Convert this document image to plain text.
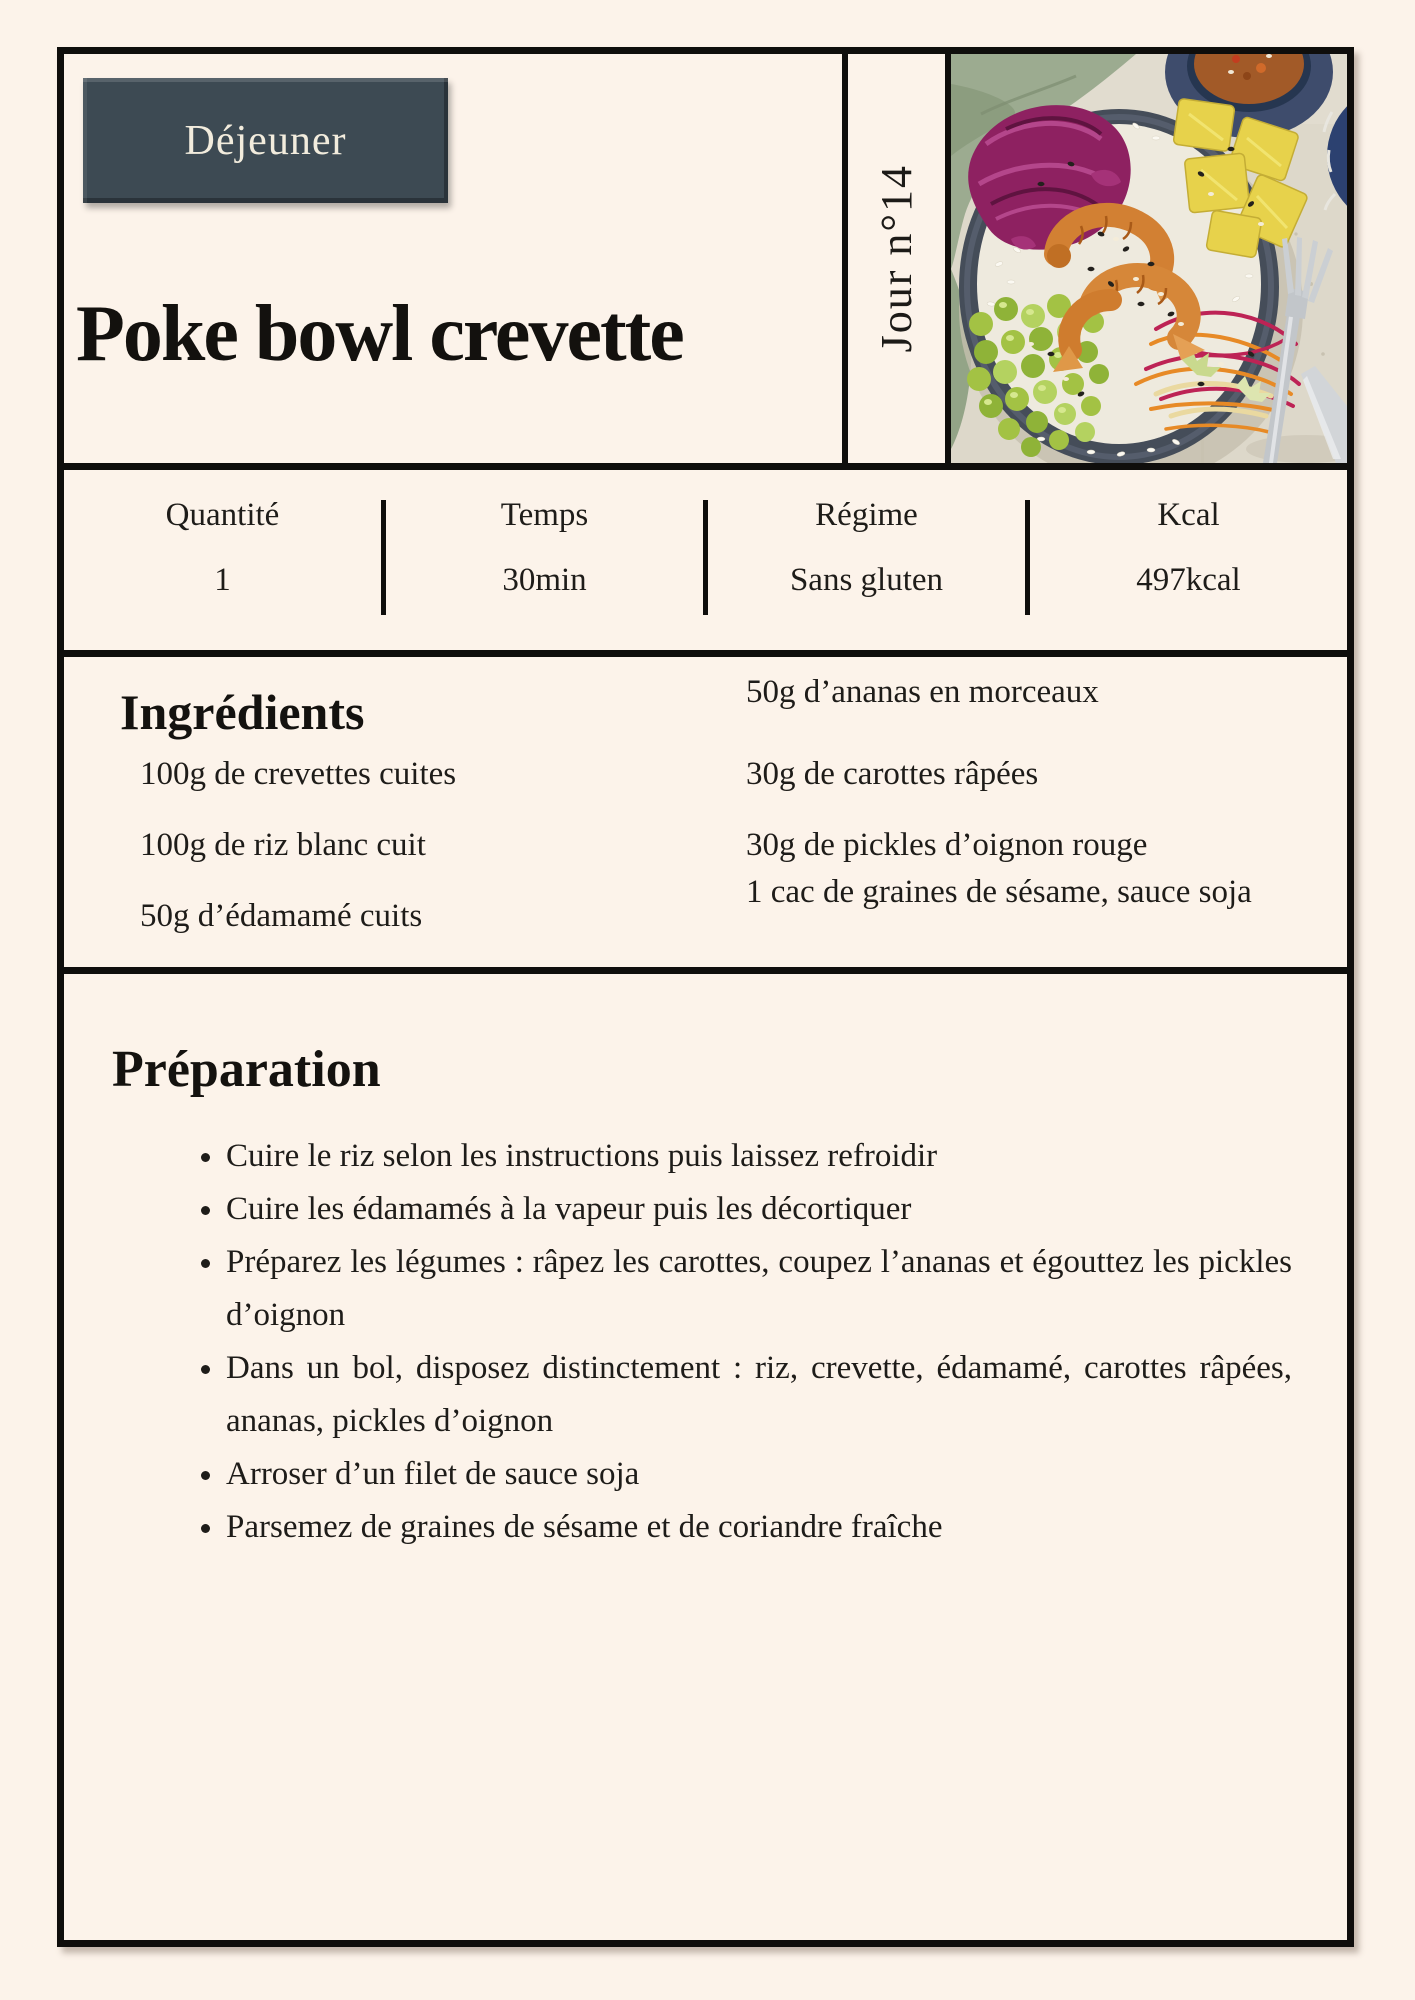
Déjeuner
Poke bowl crevette	Jour n°14
Quantité
1
Temps
30min
Régime
Sans gluten
Kcal
497kcal
Ingrédients
100g de crevettes cuites
100g de riz blanc cuit
50g d’édamamé cuits
50g d’ananas en morceaux
30g de carottes râpées
30g de pickles d’oignon rouge
1 cac de graines de sésame, sauce soja
Préparation
• Cuire le riz selon les instructions puis laissez refroidir
• Cuire les édamamés à la vapeur puis les décortiquer
• Préparez les légumes : râpez les carottes, coupez l’ananas et égouttez les pickles d’oignon
• Dans un bol, disposez distinctement : riz, crevette, édamamé, carottes râpées, ananas, pickles d’oignon
• Arroser d’un filet de sauce soja
• Parsemez de graines de sésame et de coriandre fraîche
